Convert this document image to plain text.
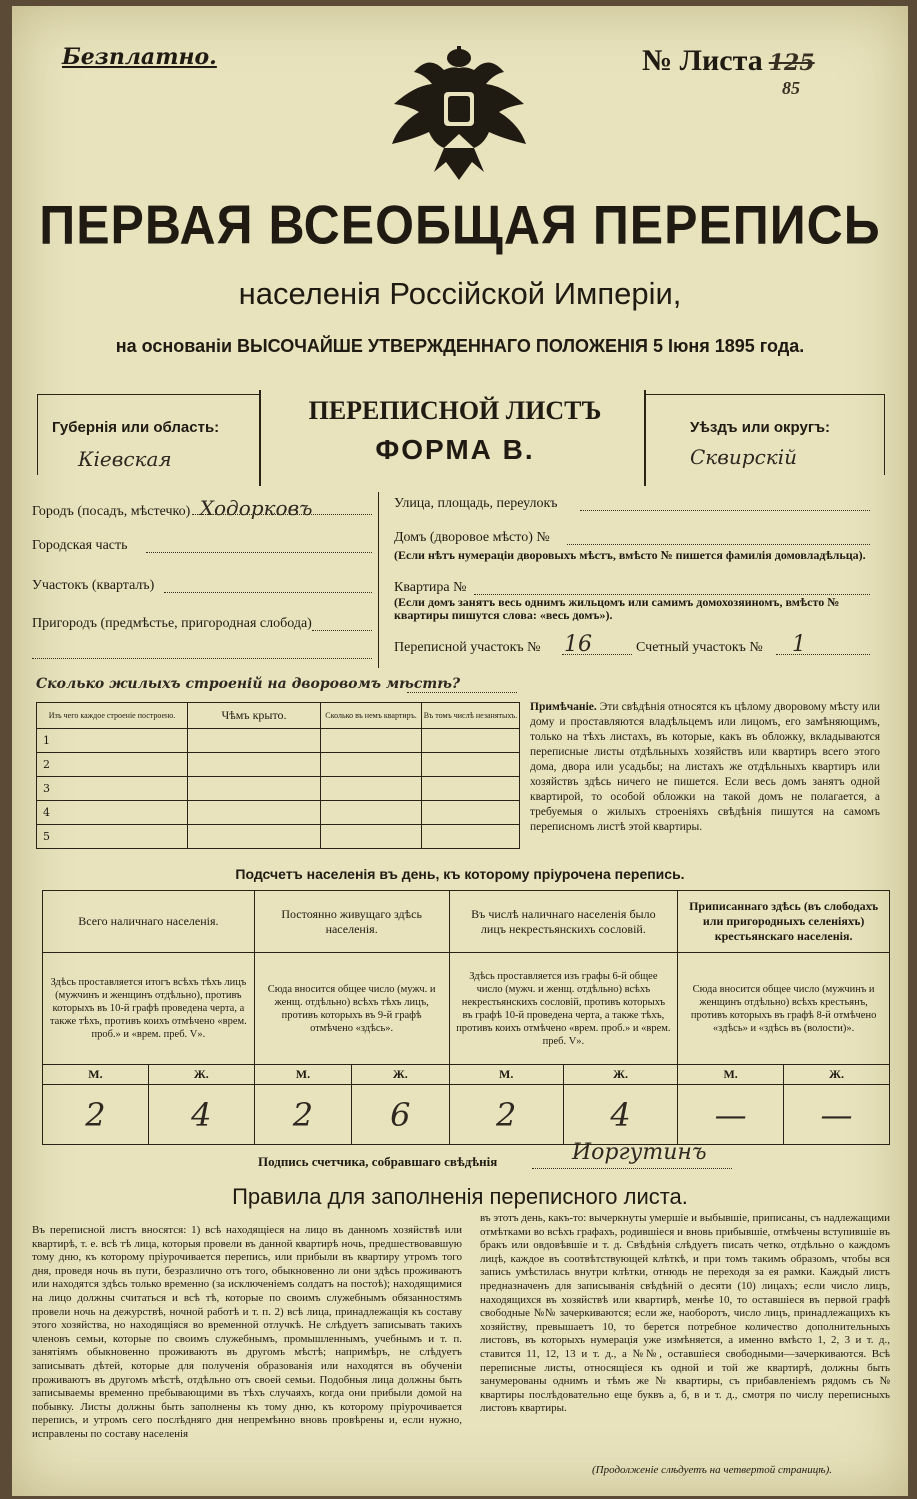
Безплатно.	№ Листа 125
85
ПЕРВАЯ ВСЕОБЩАЯ ПЕРЕПИСЬ
населенія Россійской Имперіи,
на основаніи ВЫСОЧАЙШЕ УТВЕРЖДЕННАГО ПОЛОЖЕНІЯ 5 Іюня 1895 года.
Губернія или область:
Кіевская
ПЕРЕПИСНОЙ ЛИСТЪ
ФОРМА В.
Уѣздъ или округъ:
Сквирскій
Городъ (посадъ, мѣстечко) Ходорковъ
Городская часть
Участокъ (кварталъ)
Пригородъ (предмѣстье, пригородная слобода)
Улица, площадь, переулокъ
Домъ (дворовое мѣсто) №
(Если нѣтъ нумераціи дворовыхъ мѣстъ, вмѣсто № пишется фамилія домовладѣльца).
Квартира №
(Если домъ занятъ весь однимъ жильцомъ или самимъ домохозяиномъ, вмѣсто № квартиры пишутся слова: «весь домъ»).
Переписной участокъ № 16	Счетный участокъ № 1
Сколько жилыхъ строеній на дворовомъ мѣстѣ?
Изъ чего каждое строеніе построено.	Чѣмъ крыто.	Сколько въ немъ квартиръ.	Въ томъ числѣ незанятыхъ.
1			
2			
3			
4			
5			
Примѣчаніе. Эти свѣдѣнія относятся къ цѣлому дворовому мѣсту или дому и проставляются владѣльцемъ или лицомъ, его замѣняющимъ, только на тѣхъ листахъ, въ которые, какъ въ обложку, вкладываются переписные листы отдѣльныхъ хозяйствъ или квартиръ всего этого дома, двора или усадьбы; на листахъ же отдѣльныхъ квартиръ или хозяйствъ здѣсь ничего не пишется. Если весь домъ занятъ одной квартирой, то особой обложки на такой домъ не полагается, а требуемыя о жилыхъ строеніяхъ свѣдѣнія пишутся на самомъ переписномъ листѣ этой квартиры.
Подсчетъ населенія въ день, къ которому пріурочена перепись.
Всего наличнаго населенія.		Постоянно живущаго здѣсь населенія.		Въ числѣ наличнаго населенія было лицъ некрестьянскихъ сословій.		Приписаннаго здѣсь (въ слободахъ или пригородныхъ селеніяхъ) крестьянскаго населенія.	
Здѣсь проставляется итогъ всѣхъ тѣхъ лицъ (мужчинъ и женщинъ отдѣльно), противъ которыхъ въ 10-й графѣ проведена черта, а также тѣхъ, противъ коихъ отмѣчено «врем. проб.» и «врем. преб. V».		Сюда вносится общее число (мужч. и женщ. отдѣльно) всѣхъ тѣхъ лицъ, противъ которыхъ въ 9-й графѣ отмѣчено «здѣсь».		Здѣсь проставляется изъ графы 6-й общее число (мужч. и женщ. отдѣльно) всѣхъ некрестьянскихъ сословій, противъ которыхъ въ графѣ 10-й проведена черта, а также тѣхъ, противъ коихъ отмѣчено «врем. проб.» и «врем. преб. V».		Сюда вносится общее число (мужчинъ и женщинъ отдѣльно) всѣхъ крестьянъ, противъ которыхъ въ графѣ 8-й отмѣчено «здѣсь» и «здѣсь въ (волости)».	
М.	Ж.	М.	Ж.	М.	Ж.	М.	Ж.
2	4	2	6	2	4	—	—
Подпись счетчика, собравшаго свѣдѣнія	Иоргутинъ
Правила для заполненія переписного листа.
Въ переписной листъ вносятся: 1) всѣ находящіеся на лицо въ данномъ хозяйствѣ или квартирѣ, т. е. всѣ тѣ лица, которыя провели въ данной квартирѣ ночь, предшествовавшую тому дню, къ которому пріурочивается перепись, или прибыли въ квартиру утромъ того дня, проведя ночь въ пути, безразлично отъ того, обыкновенно ли они здѣсь проживаютъ или находятся здѣсь только временно (за исключеніемъ солдатъ на постоѣ); находящимися на лицо должны считаться и всѣ тѣ, которые по своимъ служебнымъ обязанностямъ провели ночь на дежурствѣ, ночной работѣ и т. п. 2) всѣ лица, принадлежащія къ составу этого хозяйства, но находящіяся во временной отлучкѣ. Не слѣдуетъ записывать такихъ членовъ семьи, которые по своимъ служебнымъ, промышленнымъ, учебнымъ и т. п. занятіямъ обыкновенно проживаютъ въ другомъ мѣстѣ; напримѣръ, не слѣдуетъ записывать дѣтей, которые для полученія образованія или находятся въ обученіи проживаютъ въ другомъ мѣстѣ, отдѣльно отъ своей семьи. Подобныя лица должны быть записываемы временно пребывающими въ тѣхъ случаяхъ, когда они прибыли домой на побывку. Листы должны быть заполнены къ тому дню, къ которому пріурочивается перепись, и утромъ сего послѣдняго дня непремѣнно вновь провѣрены и, если нужно, исправлены по составу населенія
въ этотъ день, какъ-то: вычеркнуты умершіе и выбывшіе, приписаны, съ надлежащими отмѣтками во всѣхъ графахъ, родившіеся и вновь прибывшіе, отмѣчены вступившіе въ бракъ или овдовѣвшіе и т. д. Свѣдѣнія слѣдуетъ писать четко, отдѣльно о каждомъ лицѣ, каждое въ соотвѣтствующей клѣткѣ, и при томъ такимъ образомъ, чтобы вся запись умѣстилась внутри клѣтки, отнюдь не переходя за ея рамки. Каждый листъ предназначенъ для записыванія свѣдѣній о десяти (10) лицахъ; если число лицъ, находящихся въ хозяйствѣ или квартирѣ, менѣе 10, то оставшіеся въ первой графѣ свободные №№ зачеркиваются; если же, наоборотъ, число лицъ, принадлежащихъ къ хозяйству, превышаетъ 10, то берется потребное количество дополнительныхъ листовъ, въ которыхъ нумерація уже измѣняется, а именно вмѣсто 1, 2, 3 и т. д., ставится 11, 12, 13 и т. д., а №№, оставшіеся свободными—зачеркиваются. Всѣ переписные листы, относящіеся къ одной и той же квартирѣ, должны быть занумерованы однимъ и тѣмъ же № квартиры, съ прибавленіемъ рядомъ съ № квартиры послѣдовательно еще буквъ а, б, в и т. д., смотря по числу переписныхъ листовъ квартиры.
(Продолженіе слѣдуетъ на четвертой страницѣ).
